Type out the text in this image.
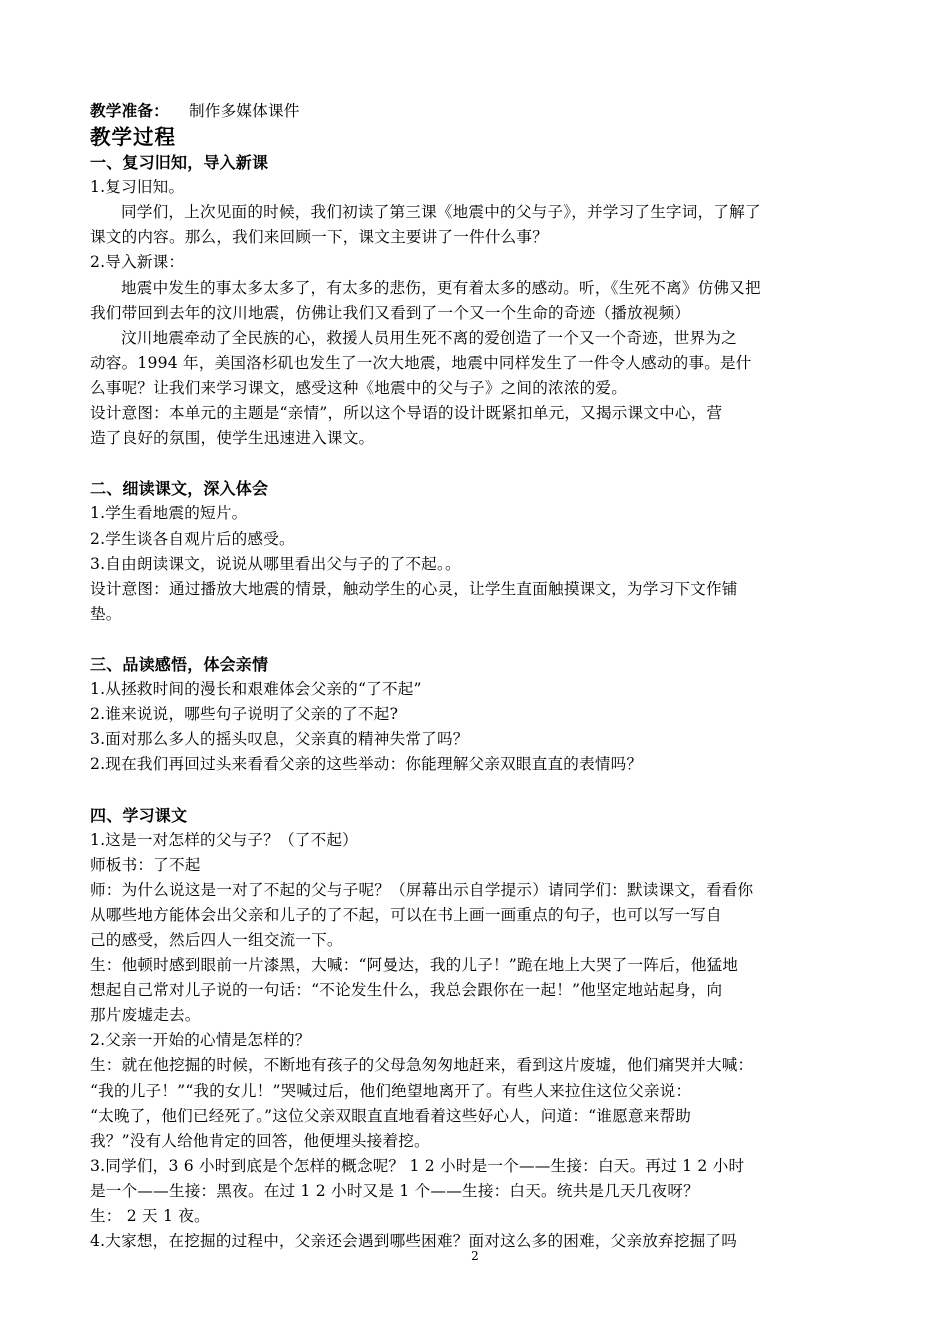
教学准备： 制作多媒体课件
教学过程
一、复习旧知，导入新课
1.复习旧知。
同学们，上次见面的时候，我们初读了第三课《地震中的父与子》，并学习了生字词，了解了
课文的内容。那么，我们来回顾一下，课文主要讲了一件什么事？
2.导入新课：
地震中发生的事太多太多了，有太多的悲伤，更有着太多的感动。听，《生死不离》仿佛又把
我们带回到去年的汶川地震，仿佛让我们又看到了一个又一个生命的奇迹（播放视频）
汶川地震牵动了全民族的心，救援人员用生死不离的爱创造了一个又一个奇迹，世界为之
动容。1994 年，美国洛杉矶也发生了一次大地震，地震中同样发生了一件令人感动的事。是什
么事呢？让我们来学习课文，感受这种《地震中的父与子》之间的浓浓的爱。
设计意图：本单元的主题是“亲情”，所以这个导语的设计既紧扣单元，又揭示课文中心，营
造了良好的氛围，使学生迅速进入课文。
二、细读课文，深入体会
1.学生看地震的短片。
2.学生谈各自观片后的感受。
3.自由朗读课文，说说从哪里看出父与子的了不起。。
设计意图：通过播放大地震的情景，触动学生的心灵，让学生直面触摸课文，为学习下文作铺
垫。
三、品读感悟，体会亲情
1.从拯救时间的漫长和艰难体会父亲的“了不起”
2.谁来说说，哪些句子说明了父亲的了不起?
3.面对那么多人的摇头叹息，父亲真的精神失常了吗？
2.现在我们再回过头来看看父亲的这些举动：你能理解父亲双眼直直的表情吗？
四、学习课文
1.这是一对怎样的父与子？（了不起）
师板书：了不起
师：为什么说这是一对了不起的父与子呢？（屏幕出示自学提示）请同学们：默读课文，看看你
从哪些地方能体会出父亲和儿子的了不起，可以在书上画一画重点的句子，也可以写一写自
己的感受，然后四人一组交流一下。
生：他顿时感到眼前一片漆黑，大喊：“阿曼达，我的儿子！”跪在地上大哭了一阵后，他猛地
想起自己常对儿子说的一句话：“不论发生什么，我总会跟你在一起！”他坚定地站起身，向
那片废墟走去。
2.父亲一开始的心情是怎样的？
生：就在他挖掘的时候，不断地有孩子的父母急匆匆地赶来，看到这片废墟，他们痛哭并大喊：
“我的儿子！”“我的女儿！”哭喊过后，他们绝望地离开了。有些人来拉住这位父亲说：
“太晚了，他们已经死了。”这位父亲双眼直直地看着这些好心人，问道：“谁愿意来帮助
我？”没有人给他肯定的回答，他便埋头接着挖。
3.同学们，3 6 小时到底是个怎样的概念呢？ 1 2 小时是一个——生接：白天。再过 1 2 小时
是一个——生接：黑夜。在过 1 2 小时又是 1 个——生接：白天。统共是几天几夜呀？
生： 2 天 1 夜。
4.大家想，在挖掘的过程中，父亲还会遇到哪些困难？面对这么多的困难，父亲放弃挖掘了吗
2
